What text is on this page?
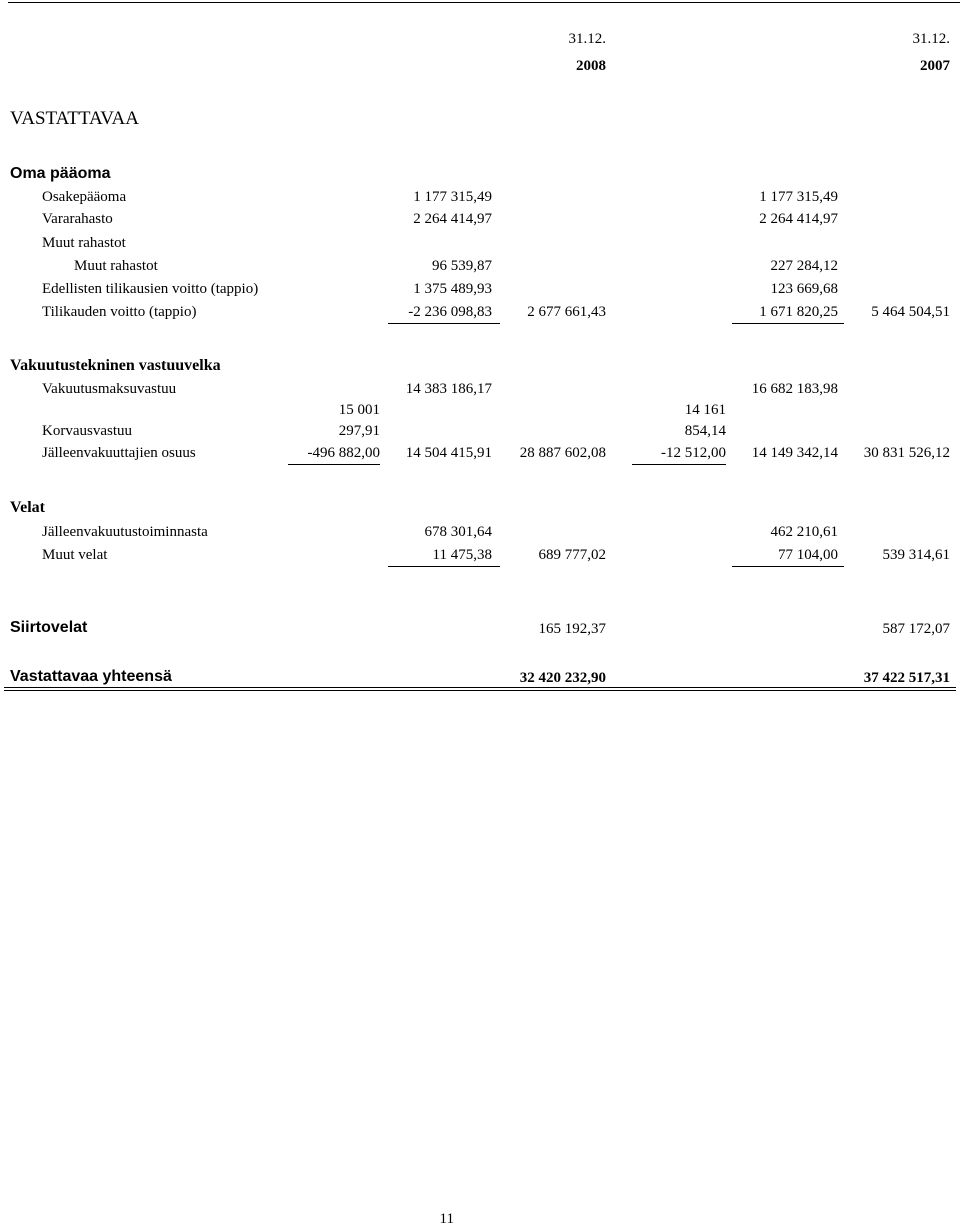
31.12.
2008
31.12.
2007
VASTATTAVAA
Oma pääoma
Osakepääoma	1 177 315,49	1 177 315,49
Vararahasto	2 264 414,97	2 264 414,97
Muut rahastot
Muut rahastot	96 539,87	227 284,12
Edellisten tilikausien voitto (tappio)	1 375 489,93	123 669,68
Tilikauden voitto (tappio)	-2 236 098,83	2 677 661,43	1 671 820,25	5 464 504,51
Vakuutustekninen vastuuvelka
Vakuutusmaksuvastuu	14 383 186,17	16 682 183,98
15 001	14 161
Korvausvastuu	297,91	854,14
Jälleenvakuuttajien osuus	-496 882,00	14 504 415,91	28 887 602,08	-12 512,00	14 149 342,14	30 831 526,12
Velat
Jälleenvakuutustoiminnasta	678 301,64	462 210,61
Muut velat	11 475,38	689 777,02	77 104,00	539 314,61
Siirtovelat	165 192,37	587 172,07
Vastattavaa yhteensä	32 420 232,90	37 422 517,31
11
